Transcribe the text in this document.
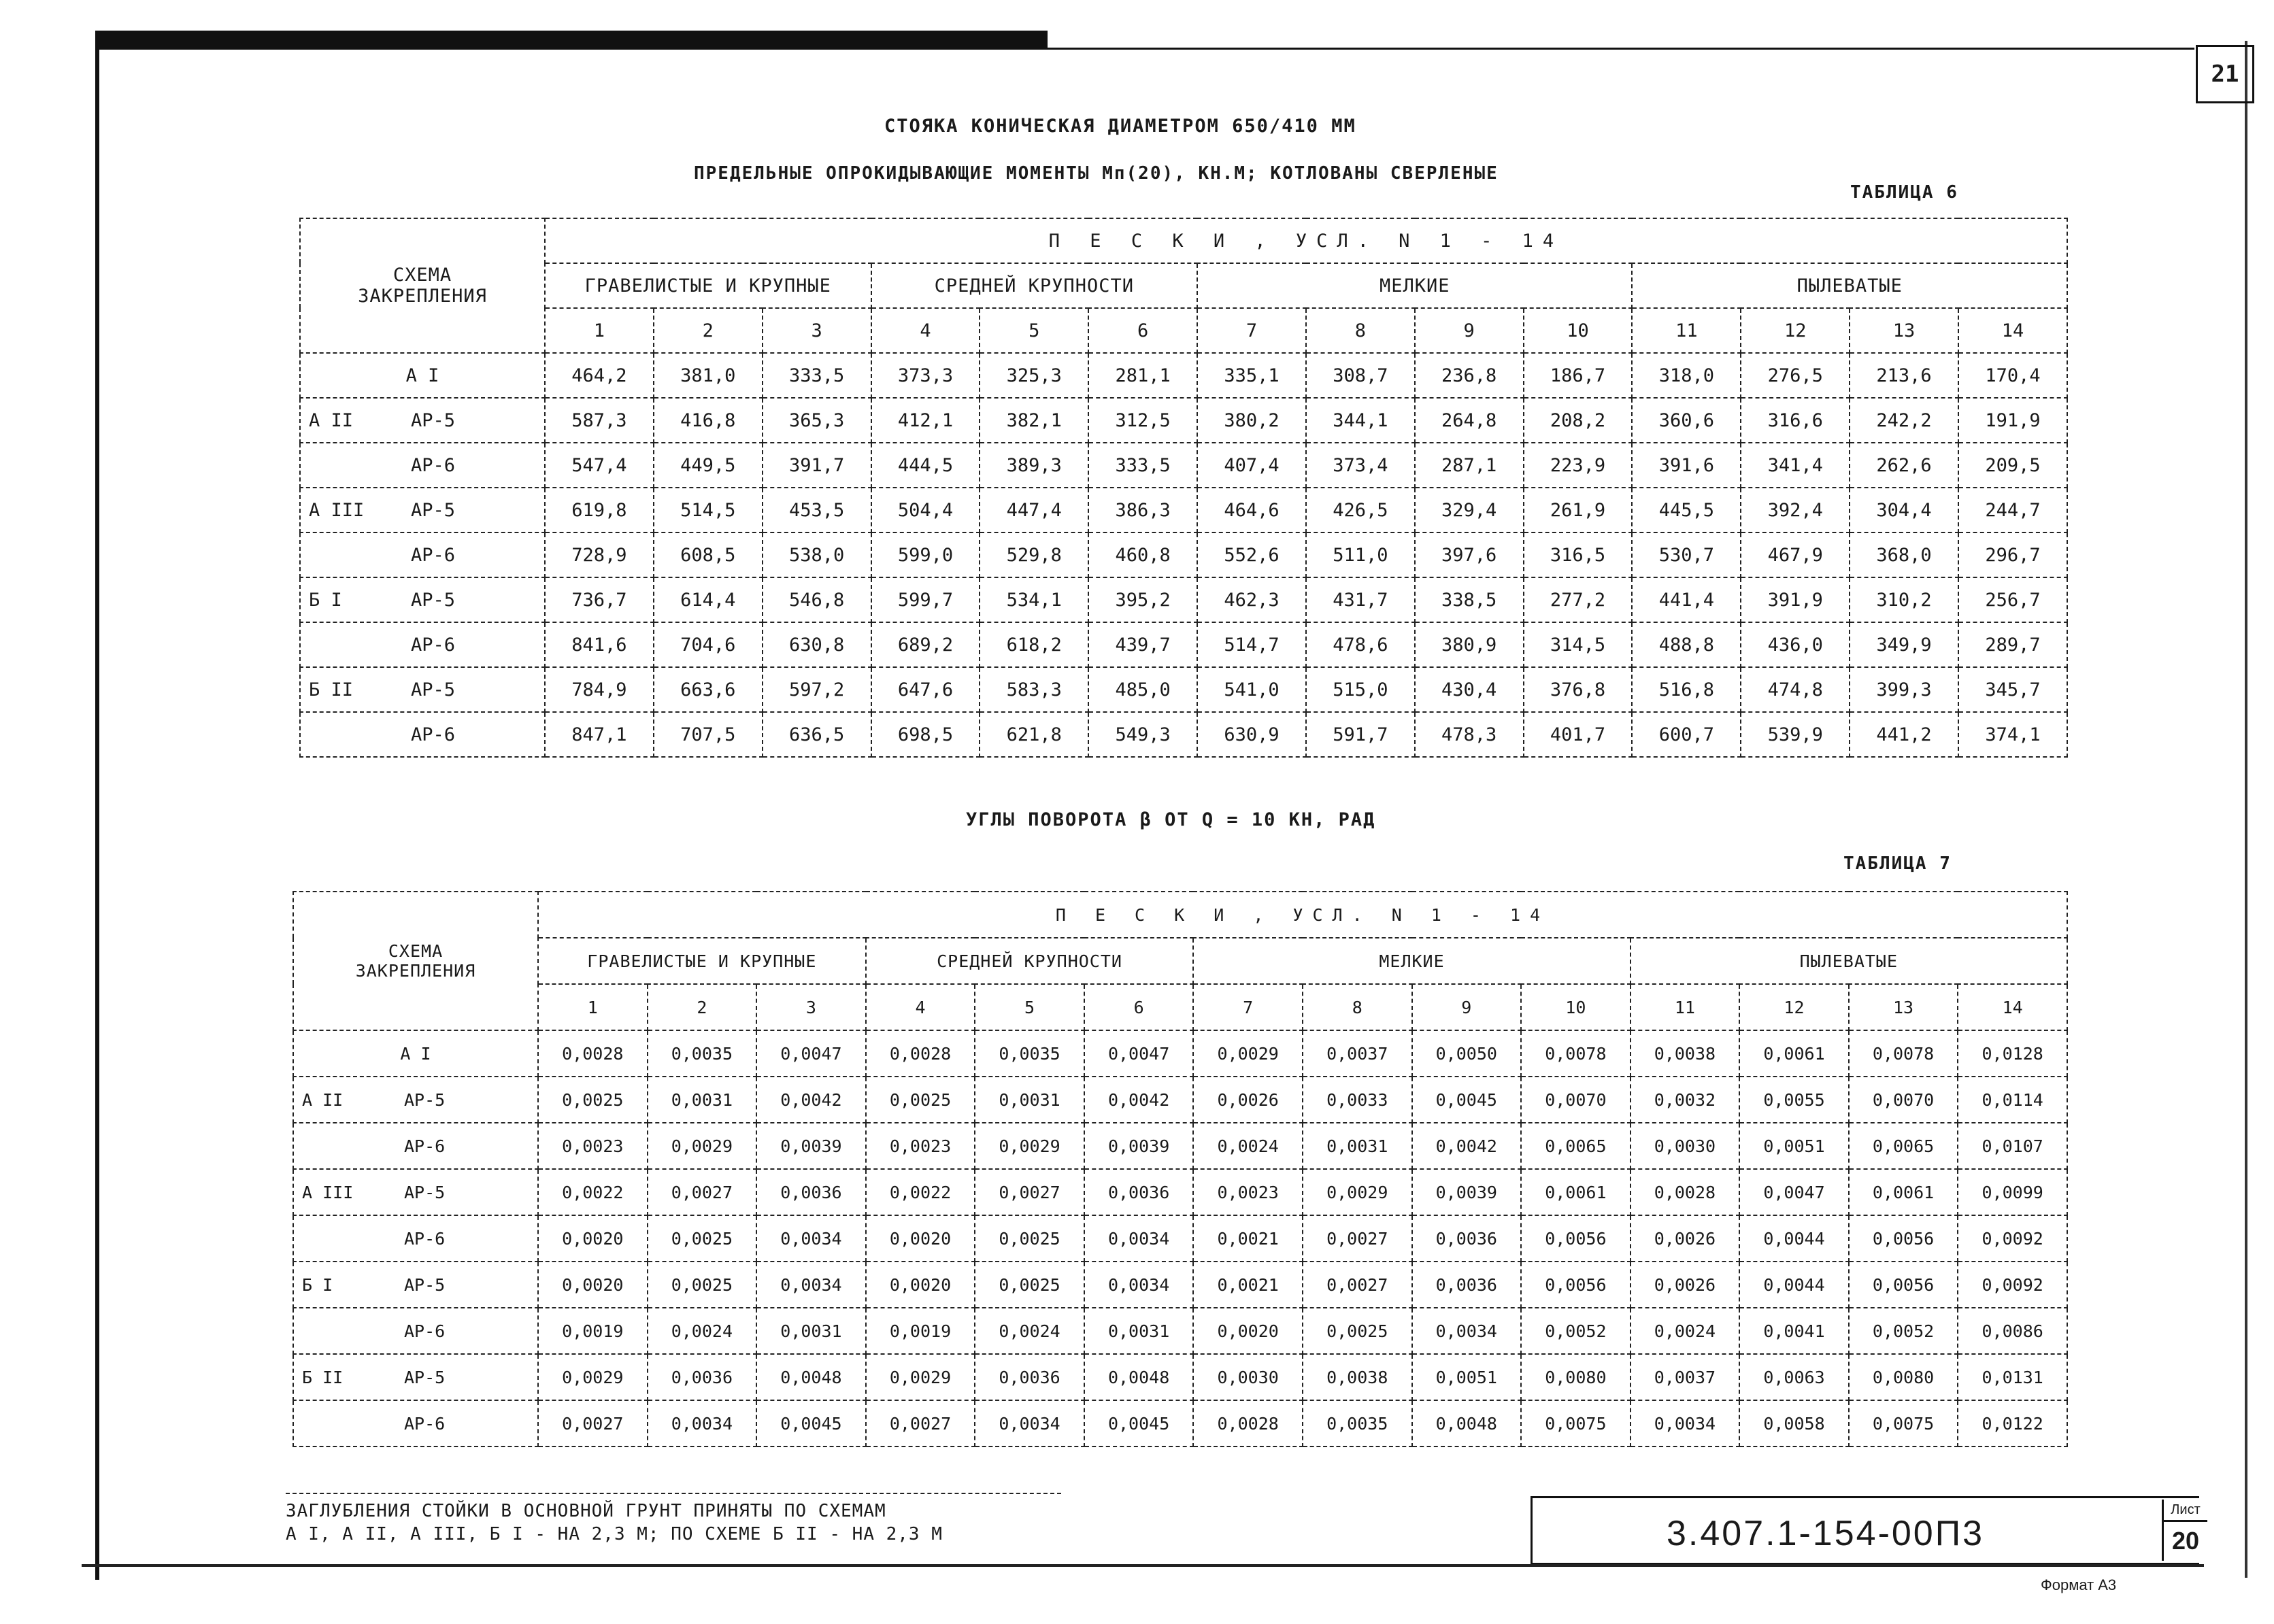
21
СТОЯКА КОНИЧЕСКАЯ ДИАМЕТРОМ 650/410 ММ
ПРЕДЕЛЬНЫЕ ОПРОКИДЫВАЮЩИЕ МОМЕНТЫ Мп(20), КН.М; КОТЛОВАНЫ СВЕРЛЕНЫЕ
ТАБЛИЦА 6
СХЕМА
ЗАКРЕПЛЕНИЯ	П Е С К И , УСЛ. N 1 - 14													
	ГРАВЕЛИСТЫЕ И КРУПНЫЕ			СРЕДНЕЙ КРУПНОСТИ			МЕЛКИЕ				ПЫЛЕВАТЫЕ			
	1	2	3	4	5	6	7	8	9	10	11	12	13	14
А I	464,2	381,0	333,5	373,3	325,3	281,1	335,1	308,7	236,8	186,7	318,0	276,5	213,6	170,4
А II АР-5	587,3	416,8	365,3	412,1	382,1	312,5	380,2	344,1	264,8	208,2	360,6	316,6	242,2	191,9
АР-6	547,4	449,5	391,7	444,5	389,3	333,5	407,4	373,4	287,1	223,9	391,6	341,4	262,6	209,5
А III АР-5	619,8	514,5	453,5	504,4	447,4	386,3	464,6	426,5	329,4	261,9	445,5	392,4	304,4	244,7
АР-6	728,9	608,5	538,0	599,0	529,8	460,8	552,6	511,0	397,6	316,5	530,7	467,9	368,0	296,7
Б I АР-5	736,7	614,4	546,8	599,7	534,1	395,2	462,3	431,7	338,5	277,2	441,4	391,9	310,2	256,7
АР-6	841,6	704,6	630,8	689,2	618,2	439,7	514,7	478,6	380,9	314,5	488,8	436,0	349,9	289,7
Б II АР-5	784,9	663,6	597,2	647,6	583,3	485,0	541,0	515,0	430,4	376,8	516,8	474,8	399,3	345,7
АР-6	847,1	707,5	636,5	698,5	621,8	549,3	630,9	591,7	478,3	401,7	600,7	539,9	441,2	374,1
УГЛЫ ПОВОРОТА β ОТ Q = 10 КН, РАД
ТАБЛИЦА 7
СХЕМА
ЗАКРЕПЛЕНИЯ	П Е С К И , УСЛ. N 1 - 14													
	ГРАВЕЛИСТЫЕ И КРУПНЫЕ			СРЕДНЕЙ КРУПНОСТИ			МЕЛКИЕ				ПЫЛЕВАТЫЕ			
	1	2	3	4	5	6	7	8	9	10	11	12	13	14
А I	0,0028	0,0035	0,0047	0,0028	0,0035	0,0047	0,0029	0,0037	0,0050	0,0078	0,0038	0,0061	0,0078	0,0128
А II АР-5	0,0025	0,0031	0,0042	0,0025	0,0031	0,0042	0,0026	0,0033	0,0045	0,0070	0,0032	0,0055	0,0070	0,0114
АР-6	0,0023	0,0029	0,0039	0,0023	0,0029	0,0039	0,0024	0,0031	0,0042	0,0065	0,0030	0,0051	0,0065	0,0107
А III АР-5	0,0022	0,0027	0,0036	0,0022	0,0027	0,0036	0,0023	0,0029	0,0039	0,0061	0,0028	0,0047	0,0061	0,0099
АР-6	0,0020	0,0025	0,0034	0,0020	0,0025	0,0034	0,0021	0,0027	0,0036	0,0056	0,0026	0,0044	0,0056	0,0092
Б I АР-5	0,0020	0,0025	0,0034	0,0020	0,0025	0,0034	0,0021	0,0027	0,0036	0,0056	0,0026	0,0044	0,0056	0,0092
АР-6	0,0019	0,0024	0,0031	0,0019	0,0024	0,0031	0,0020	0,0025	0,0034	0,0052	0,0024	0,0041	0,0052	0,0086
Б II АР-5	0,0029	0,0036	0,0048	0,0029	0,0036	0,0048	0,0030	0,0038	0,0051	0,0080	0,0037	0,0063	0,0080	0,0131
АР-6	0,0027	0,0034	0,0045	0,0027	0,0034	0,0045	0,0028	0,0035	0,0048	0,0075	0,0034	0,0058	0,0075	0,0122
ЗАГЛУБЛЕНИЯ СТОЙКИ В ОСНОВНОЙ ГРУНТ ПРИНЯТЫ ПО СХЕМАМ
А I, А II, А III, Б I - НА 2,3 М; ПО СХЕМЕ Б II - НА 2,3 М	3.407.1-154-00П3
Лист
20
Формат А3
